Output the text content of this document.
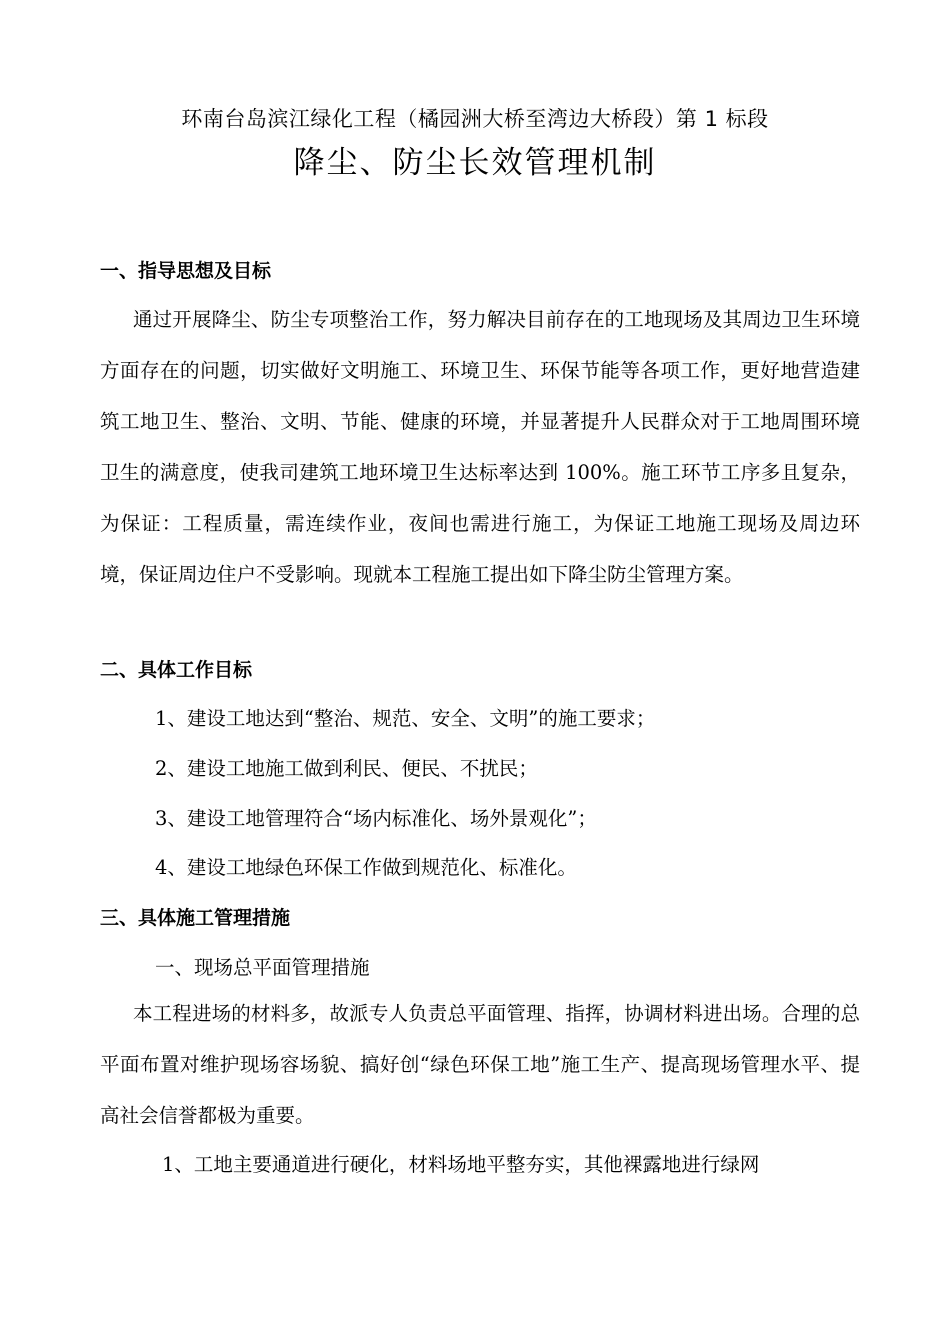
环南台岛滨江绿化工程（橘园洲大桥至湾边大桥段）第 1 标段
降尘、防尘长效管理机制
一、指导思想及目标

通过开展降尘、防尘专项整治工作，努力解决目前存在的工地现场及其周边卫生环境方面存在的问题，切实做好文明施工、环境卫生、环保节能等各项工作，更好地营造建筑工地卫生、整治、文明、节能、健康的环境，并显著提升人民群众对于工地周围环境卫生的满意度，使我司建筑工地环境卫生达标率达到 100%。施工环节工序多且复杂，为保证：工程质量，需连续作业，夜间也需进行施工，为保证工地施工现场及周边环境，保证周边住户不受影响。现就本工程施工提出如下降尘防尘管理方案。

二、具体工作目标
1、建设工地达到“整治、规范、安全、文明”的施工要求；
2、建设工地施工做到利民、便民、不扰民；
3、建设工地管理符合“场内标准化、场外景观化”；
4、建设工地绿色环保工作做到规范化、标准化。
三、具体施工管理措施
一、现场总平面管理措施

本工程进场的材料多，故派专人负责总平面管理、指挥，协调材料进出场。合理的总平面布置对维护现场容场貌、搞好创“绿色环保工地”施工生产、提高现场管理水平、提高社会信誉都极为重要。

1、工地主要通道进行硬化，材料场地平整夯实，其他裸露地进行绿网
